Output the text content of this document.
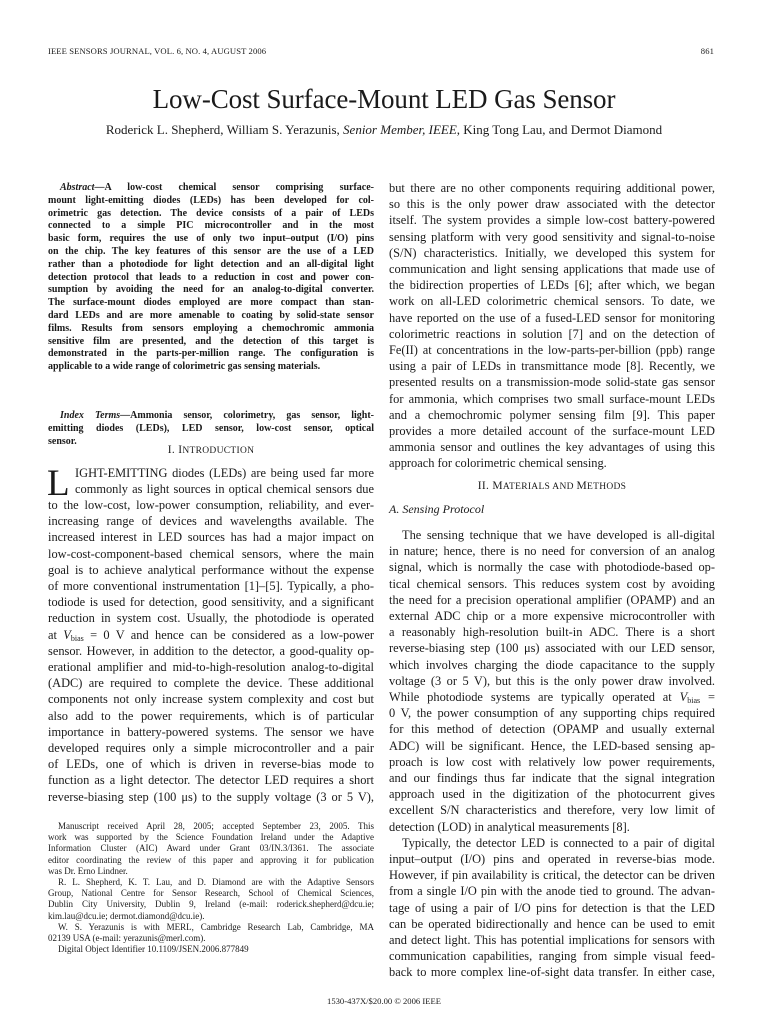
IEEE SENSORS JOURNAL, VOL. 6, NO. 4, AUGUST 2006	861
Low-Cost Surface-Mount LED Gas Sensor
Roderick L. Shepherd, William S. Yerazunis, Senior Member, IEEE, King Tong Lau, and Dermot Diamond

Abstract—A low-cost chemical sensor comprising surface-

mount light-emitting diodes (LEDs) has been developed for col-

orimetric gas detection. The device consists of a pair of LEDs

connected to a simple PIC microcontroller and in the most

basic form, requires the use of only two input–output (I/O) pins

on the chip. The key features of this sensor are the use of a LED

rather than a photodiode for light detection and an all-digital light

detection protocol that leads to a reduction in cost and power con-

sumption by avoiding the need for an analog-to-digital converter.

The surface-mount diodes employed are more compact than stan-

dard LEDs and are more amenable to coating by solid-state sensor

films. Results from sensors employing a chemochromic ammonia

sensitive film are presented, and the detection of this target is

demonstrated in the parts-per-million range. The configuration is

applicable to a wide range of colorimetric gas sensing materials.

Index Terms—Ammonia sensor, colorimetry, gas sensor, light-

emitting diodes (LEDs), LED sensor, low-cost sensor, optical

sensor.

I. INTRODUCTION
L IGHT-EMITTING diodes (LEDs) are being used far more

commonly as light sources in optical chemical sensors due

to the low-cost, low-power consumption, reliability, and ever-

increasing range of devices and wavelengths available. The

increased interest in LED sources has had a major impact on

low-cost-component-based chemical sensors, where the main

goal is to achieve analytical performance without the expense

of more conventional instrumentation [1]–[5]. Typically, a pho-

todiode is used for detection, good sensitivity, and a significant

reduction in system cost. Usually, the photodiode is operated

at $V_{bias} = 0$ V and hence can be considered as a low-power

sensor. However, in addition to the detector, a good-quality op-

erational amplifier and mid-to-high-resolution analog-to-digital

(ADC) are required to complete the device. These additional

components not only increase system complexity and cost but

also add to the power requirements, which is of particular

importance in battery-powered systems. The sensor we have

developed requires only a simple microcontroller and a pair

of LEDs, one of which is driven in reverse-bias mode to

function as a light detector. The detector LED requires a short

reverse-biasing step (100 μs) to the supply voltage (3 or 5 V),

Manuscript received April 28, 2005; accepted September 23, 2005. This

work was supported by the Science Foundation Ireland under the Adaptive

Information Cluster (AIC) Award under Grant 03/IN.3/I361. The associate

editor coordinating the review of this paper and approving it for publication

was Dr. Erno Lindner.

R. L. Shepherd, K. T. Lau, and D. Diamond are with the Adaptive Sensors

Group, National Centre for Sensor Research, School of Chemical Sciences,

Dublin City University, Dublin 9, Ireland (e-mail: roderick.shepherd@dcu.ie;

kim.lau@dcu.ie; dermot.diamond@dcu.ie).

W. S. Yerazunis is with MERL, Cambridge Research Lab, Cambridge, MA

02139 USA (e-mail: yerazunis@merl.com).

Digital Object Identifier 10.1109/JSEN.2006.877849

but there are no other components requiring additional power,

so this is the only power draw associated with the detector

itself. The system provides a simple low-cost battery-powered

sensing platform with very good sensitivity and signal-to-noise

(S/N) characteristics. Initially, we developed this system for

communication and light sensing applications that made use of

the bidirection properties of LEDs [6]; after which, we began

work on all-LED colorimetric chemical sensors. To date, we

have reported on the use of a fused-LED sensor for monitoring

colorimetric reactions in solution [7] and on the detection of

Fe(II) at concentrations in the low-parts-per-billion (ppb) range

using a pair of LEDs in transmittance mode [8]. Recently, we

presented results on a transmission-mode solid-state gas sensor

for ammonia, which comprises two small surface-mount LEDs

and a chemochromic polymer sensing film [9]. This paper

provides a more detailed account of the surface-mount LED

ammonia sensor and outlines the key advantages of using this

approach for colorimetric chemical sensing.

II. MATERIALS AND METHODS
A. Sensing Protocol

The sensing technique that we have developed is all-digital

in nature; hence, there is no need for conversion of an analog

signal, which is normally the case with photodiode-based op-

tical chemical sensors. This reduces system cost by avoiding

the need for a precision operational amplifier (OPAMP) and an

external ADC chip or a more expensive microcontroller with

a reasonably high-resolution built-in ADC. There is a short

reverse-biasing step (100 μs) associated with our LED sensor,

which involves charging the diode capacitance to the supply

voltage (3 or 5 V), but this is the only power draw involved.

While photodiode systems are typically operated at $V_{bias}$ =

0 V, the power consumption of any supporting chips required

for this method of detection (OPAMP and usually external

ADC) will be significant. Hence, the LED-based sensing ap-

proach is low cost with relatively low power requirements,

and our findings thus far indicate that the signal integration

approach used in the digitization of the photocurrent gives

excellent S/N characteristics and therefore, very low limit of

detection (LOD) in analytical measurements [8].

Typically, the detector LED is connected to a pair of digital

input–output (I/O) pins and operated in reverse-bias mode.

However, if pin availability is critical, the detector can be driven

from a single I/O pin with the anode tied to ground. The advan-

tage of using a pair of I/O pins for detection is that the LED

can be operated bidirectionally and hence can be used to emit

and detect light. This has potential implications for sensors with

communication capabilities, ranging from simple visual feed-

back to more complex line-of-sight data transfer. In either case,

1530-437X/$20.00 © 2006 IEEE
